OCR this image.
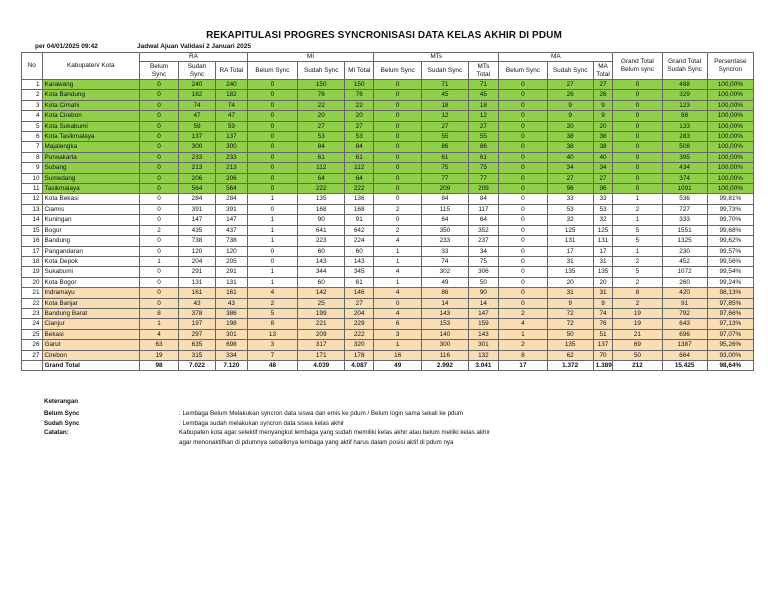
REKAPITULASI PROGRES SYNCRONISASI DATA KELAS AKHIR DI PDUM
per 04/01/2025 09:42	Jadwal Ajuan Validasi 2 Januari 2025
No	Kabupaten/ Kota	RA			MI			MTs			MA			Grand Total Belum sync	Grand Total Sudah Sync	Persentase Syncron
		Belum Sync	Sudah Sync	RA Total	Belum Sync	Sudah Sync	MI Total	Belum Sync	Sudah Sync	MTs Total	Belum Sync	Sudah Sync	MA Total			
1	Karawang	0	240	240	0	150	150	0	71	71	0	27	27	0	488	100,00%
2	Kota Bandung	0	182	182	0	76	76	0	45	45	0	26	26	0	329	100,00%
3	Kota Cimahi	0	74	74	0	22	22	0	18	18	0	9	9	0	123	100,00%
4	Kota Cirebon	0	47	47	0	20	20	0	12	12	0	9	9	0	88	100,00%
5	Kota Sukabumi	0	59	59	0	27	27	0	27	27	0	20	20	0	133	100,00%
6	Kota Tasikmalaya	0	137	137	0	53	53	0	55	55	0	38	38	0	283	100,00%
7	Majalengka	0	300	300	0	84	84	0	86	86	0	38	38	0	508	100,00%
8	Purwakarta	0	233	233	0	61	61	0	61	61	0	40	40	0	395	100,00%
9	Subang	0	213	213	0	112	112	0	75	75	0	34	34	0	434	100,00%
10	Sumedang	0	206	206	0	64	64	0	77	77	0	27	27	0	374	100,00%
11	Tasikmalaya	0	564	564	0	222	222	0	209	209	0	96	96	0	1091	100,00%
12	Kota Bekasi	0	284	284	1	135	136	0	84	84	0	33	33	1	536	99,81%
13	Ciamis	0	391	391	0	168	168	2	115	117	0	53	53	2	727	99,73%
14	Kuningan	0	147	147	1	90	91	0	64	64	0	32	32	1	333	99,70%
15	Bogor	2	435	437	1	641	642	2	350	352	0	125	125	5	1551	99,68%
16	Bandung	0	738	738	1	223	224	4	233	237	0	131	131	5	1325	99,62%
17	Pangandaran	0	120	120	0	60	60	1	33	34	0	17	17	1	230	99,57%
18	Kota Depok	1	204	205	0	143	143	1	74	75	0	31	31	2	452	99,56%
19	Sukabumi	0	291	291	1	344	345	4	302	306	0	135	135	5	1072	99,54%
20	Kota Bogor	0	131	131	1	60	61	1	49	50	0	20	20	2	260	99,24%
21	Indramayu	0	161	161	4	142	146	4	86	90	0	31	31	8	420	98,13%
22	Kota Banjar	0	43	43	2	25	27	0	14	14	0	9	9	2	91	97,85%
23	Bandung Barat	8	378	386	5	199	204	4	143	147	2	72	74	19	792	97,66%
24	Cianjur	1	197	198	8	221	229	6	153	159	4	72	76	19	643	97,13%
25	Bekasi	4	297	301	13	209	222	3	140	143	1	50	51	21	696	97,07%
26	Garut	63	635	698	3	317	320	1	300	301	2	135	137	69	1387	95,26%
27	Cirebon	19	315	334	7	171	178	16	116	132	8	62	70	50	664	93,00%
	Grand Total	98	7.022	7.120	48	4.039	4.087	49	2.992	3.041	17	1.372	1.389	212	15.425	98,64%
Keterangan
Belum Sync	: Lembaga Belum Melakukan syncron data siswa dari emis ke pdum / Belum login sama sekali ke pdum
Sudah Sync	: Lembaga sudah melakukan syncron data siswa kelas akhir
Catatan:	Kabupaten kota agar selektif menyangkut lembaga yang sudah memiliki kelas akhir atau belum meiliki kelas akhir
agar menonaktifkan di pdumnya sebaliknya lembaga yang aktif harus dalam posisi aktif di pdum nya
